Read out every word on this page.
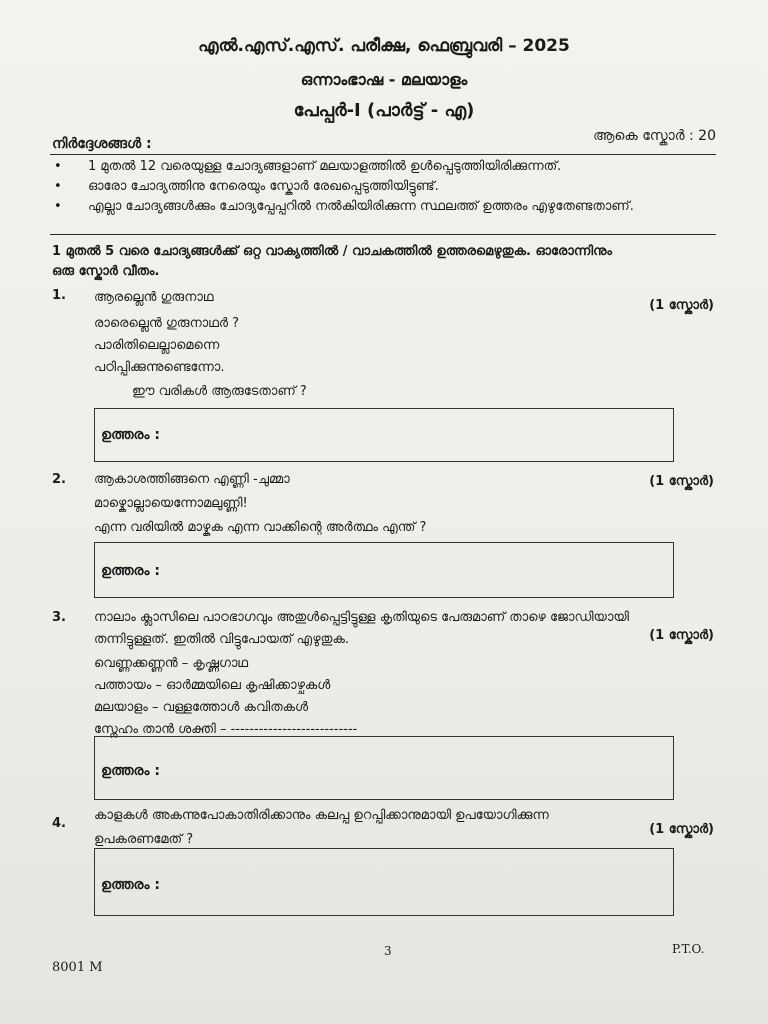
എൽ.എസ്.എസ്. പരീക്ഷ, ഫെബ്രുവരി – 2025
ഒന്നാംഭാഷ - മലയാളം
പേപ്പർ-I (പാർട്ട് - എ)
നിർദ്ദേശങ്ങൾ :	ആകെ സ്കോർ : 20
• 1 മുതൽ 12 വരെയുള്ള ചോദ്യങ്ങളാണ് മലയാളത്തിൽ ഉൾപ്പെടുത്തിയിരിക്കുന്നത്.
• ഓരോ ചോദ്യത്തിനു നേരെയും സ്കോർ രേഖപ്പെടുത്തിയിട്ടുണ്ട്.
• എല്ലാ ചോദ്യങ്ങൾക്കും ചോദ്യപ്പേപ്പറിൽ നൽകിയിരിക്കുന്ന സ്ഥലത്ത് ഉത്തരം എഴുതേണ്ടതാണ്.
1 മുതൽ 5 വരെ ചോദ്യങ്ങൾക്ക് ഒറ്റ വാക്യത്തിൽ / വാചകത്തിൽ ഉത്തരമെഴുതുക. ഓരോന്നിനും
ഒരു സ്കോർ വീതം.
1.
(1 സ്കോർ)
ആരല്ലെൻ ഗുരുനാഥ
രാരെല്ലെൻ ഗുരുനാഥർ ?
പാരിതിലെല്ലാമെന്നെ
പഠിപ്പിക്കുന്നുണ്ടെന്നോ.
ഈ വരികൾ ആരുടേതാണ് ?
ഉത്തരം :
2.	(1 സ്കോർ)
ആകാശത്തിങ്ങനെ എണ്ണി -ചുമ്മാ
മാഴ്കൊല്ലായെന്നോമലുണ്ണി!
എന്ന വരിയിൽ മാഴ്കുക എന്ന വാക്കിന്റെ അർത്ഥം എന്ത് ?
ഉത്തരം :
3.
(1 സ്കോർ)
നാലാം ക്ലാസിലെ പാഠഭാഗവും അതുൾപ്പെട്ടിട്ടുള്ള കൃതിയുടെ പേരുമാണ് താഴെ ജോഡിയായി
തന്നിട്ടുള്ളത്. ഇതിൽ വിട്ടുപോയത് എഴുതുക.
വെണ്ണക്കണ്ണൻ – കൃഷ്ണഗാഥ
പത്തായം – ഓർമ്മയിലെ കൃഷിക്കാഴ്ചകൾ
മലയാളം – വള്ളത്തോൾ കവിതകൾ
സ്നേഹം താൻ ശക്തി – ---------------------------
ഉത്തരം :
4.	(1 സ്കോർ)
കാളകൾ അകന്നുപോകാതിരിക്കാനും കലപ്പ ഉറപ്പിക്കാനുമായി ഉപയോഗിക്കുന്ന
ഉപകരണമേത് ?
ഉത്തരം :
3	P.T.O.
8001 M
